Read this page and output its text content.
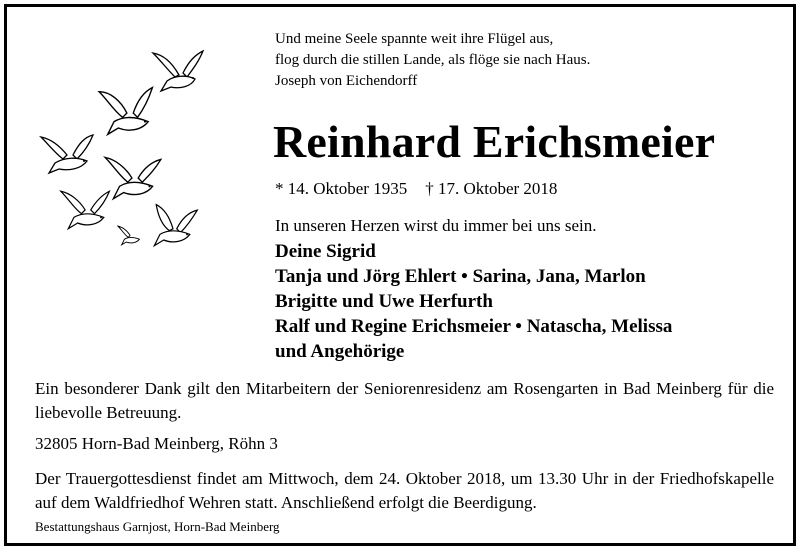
Und meine Seele spannte weit ihre Flügel aus,
flog durch die stillen Lande, als flöge sie nach Haus.
Joseph von Eichendorff
Reinhard Erichsmeier
* 14. Oktober 1935 † 17. Oktober 2018
In unseren Herzen wirst du immer bei uns sein.
Deine Sigrid
Tanja und Jörg Ehlert • Sarina, Jana, Marlon
Brigitte und Uwe Herfurth
Ralf und Regine Erichsmeier • Natascha, Melissa
und Angehörige
Ein besonderer Dank gilt den Mitarbeitern der Seniorenresidenz am Rosengarten in Bad Meinberg für die liebevolle Betreuung.
32805 Horn-Bad Meinberg, Röhn 3
Der Trauergottesdienst findet am Mittwoch, dem 24. Oktober 2018, um 13.30 Uhr in der Friedhofskapelle auf dem Waldfriedhof Wehren statt. Anschließend erfolgt die Beerdigung.
Bestattungshaus Garnjost, Horn-Bad Meinberg
